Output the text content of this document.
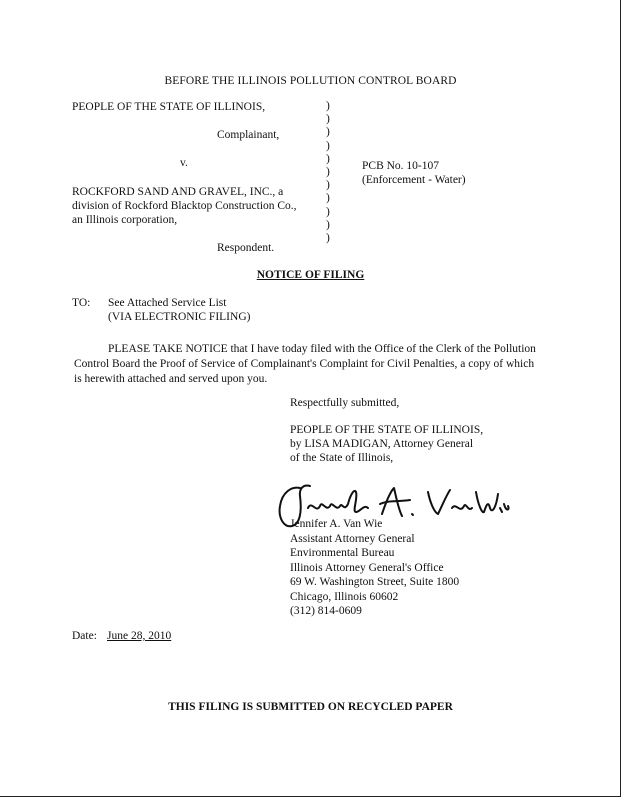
BEFORE THE ILLINOIS POLLUTION CONTROL BOARD
PEOPLE OF THE STATE OF ILLINOIS,
Complainant,
v.
ROCKFORD SAND AND GRAVEL, INC., a
division of Rockford Blacktop Construction Co.,
an Illinois corporation,
Respondent.
)
)
)
)
)
)
)
)
)
)
)
PCB No. 10-107
(Enforcement - Water)
NOTICE OF FILING
TO: See Attached Service List
(VIA ELECTRONIC FILING)
PLEASE TAKE NOTICE that I have today filed with the Office of the Clerk of the Pollution Control Board the Proof of Service of Complainant's Complaint for Civil Penalties, a copy of which is herewith attached and served upon you.
Respectfully submitted,
PEOPLE OF THE STATE OF ILLINOIS,
by LISA MADIGAN, Attorney General
of the State of Illinois,
Jennifer A. Van Wie
Assistant Attorney General
Environmental Bureau
Illinois Attorney General's Office
69 W. Washington Street, Suite 1800
Chicago, Illinois 60602
(312) 814-0609
Date: June 28, 2010
THIS FILING IS SUBMITTED ON RECYCLED PAPER
